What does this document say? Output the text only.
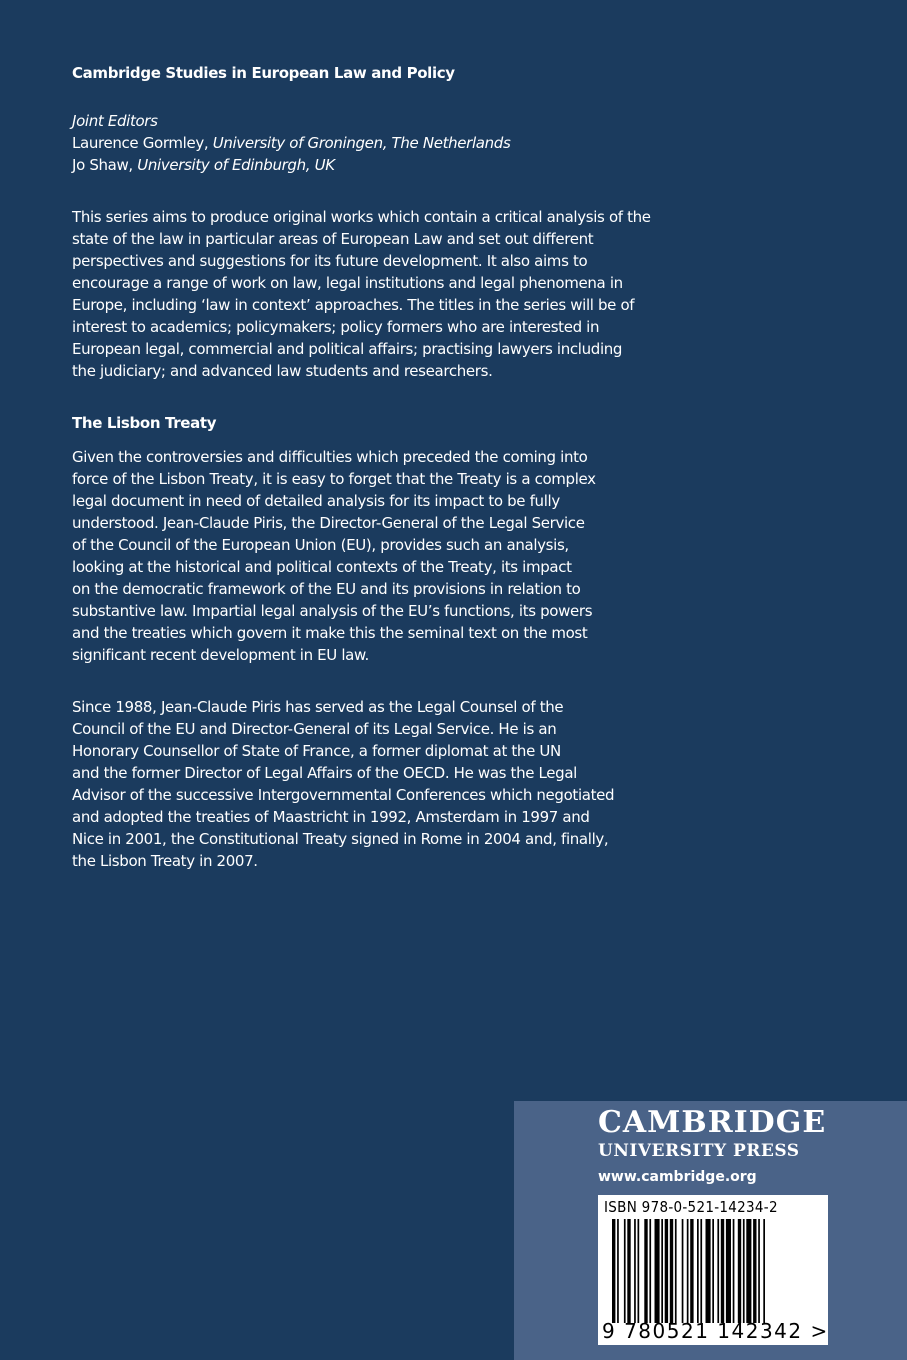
Cambridge Studies in European Law and Policy

Joint Editors
Laurence Gormley, University of Groningen, The Netherlands
Jo Shaw, University of Edinburgh, UK

This series aims to produce original works which contain a critical analysis of the
state of the law in particular areas of European Law and set out different
perspectives and suggestions for its future development. It also aims to
encourage a range of work on law, legal institutions and legal phenomena in
Europe, including ‘law in context’ approaches. The titles in the series will be of
interest to academics; policymakers; policy formers who are interested in
European legal, commercial and political affairs; practising lawyers including
the judiciary; and advanced law students and researchers.

The Lisbon Treaty

Given the controversies and difficulties which preceded the coming into
force of the Lisbon Treaty, it is easy to forget that the Treaty is a complex
legal document in need of detailed analysis for its impact to be fully
understood. Jean-Claude Piris, the Director-General of the Legal Service
of the Council of the European Union (EU), provides such an analysis,
looking at the historical and political contexts of the Treaty, its impact
on the democratic framework of the EU and its provisions in relation to
substantive law. Impartial legal analysis of the EU’s functions, its powers
and the treaties which govern it make this the seminal text on the most
significant recent development in EU law.

Since 1988, Jean-Claude Piris has served as the Legal Counsel of the
Council of the EU and Director-General of its Legal Service. He is an
Honorary Counsellor of State of France, a former diplomat at the UN
and the former Director of Legal Affairs of the OECD. He was the Legal
Advisor of the successive Intergovernmental Conferences which negotiated
and adopted the treaties of Maastricht in 1992, Amsterdam in 1997 and
Nice in 2001, the Constitutional Treaty signed in Rome in 2004 and, finally,
the Lisbon Treaty in 2007.

CAMBRIDGE
UNIVERSITY PRESS
www.cambridge.org
ISBN 978-0-521-14234-2
9 780521 142342 >
